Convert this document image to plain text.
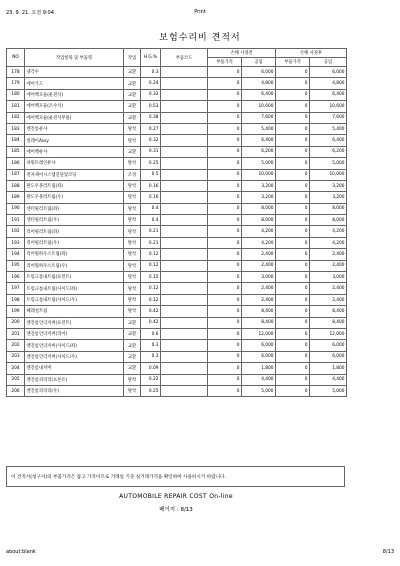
23. 9. 21. 오전 9:04	Print
보험수리비 견적서
NO	작업항목 및 부품명	작업	H.G.%	부품코드	손해 사정전		손해 사정후	
					부품가격	공임	부품가격	공임
178	냉각수	교환	0.3		0	6,000	0	6,000
179	에어가드	교환	0.24		0	4,800	0	4,800
180	에어백모듈(운전석)	교환	0.32		0	6,400	0	6,400
181	에어백모듈(조수석)	교환	0.53		0	10,600	0	10,600
182	에어백모듈(운전석무릎)	교환	0.38		0	7,600	0	7,600
183	엔진룸퓨샤	탈착	0.27		0	5,400	0	5,400
184	릴레이Assy	탈착	0.32		0	6,400	0	6,400
185	에어백퓨샤	교환	0.31		0	6,200	0	6,200
186	파워트레인퓨샤	탈착	0.25		0	5,000	0	5,000
187	전자제어시스템진단및코딩	조정	0.5		0	10,000	0	10,000
188	판도우몰러트림(좌)	탈착	0.16		0	3,200	0	3,200
189	판도우몰러트림(우)	탈착	0.16		0	3,200	0	3,200
190	센터필러트림(좌)	탈착	0.4		0	8,000	0	8,000
191	센터필러트림(우)	탈착	0.4		0	8,000	0	8,000
192	리어필러트림(좌)	탈착	0.21		0	4,200	0	4,200
193	리어필러트림(우)	탈착	0.21		0	4,200	0	4,200
194	리어휠하우스트림(좌)	탈착	0.12		0	2,400	0	2,400
195	리어휠하우스트림(우)	탈착	0.12		0	2,400	0	2,400
196	트렁크룸내트림(프런트)	탈착	0.15		0	3,000	0	3,000
197	트렁크룸내트림(사이드/좌)	탈착	0.12		0	2,400	0	2,400
198	트렁크룸내트림(사이드/우)	탈착	0.12		0	2,400	0	2,400
199	헤레설트림	탈착	0.42		0	8,400	0	8,400
200	엔진룸언더커버(프런트)	교환	0.42		0	8,400	0	8,400
201	엔진룸언더커버(리어)	교환	0.6		0	12,000	0	12,000
202	엔진룸언더커버(사이드/좌)	교환	0.3		0	6,000	0	6,000
203	엔진룸언더커버(사이드/우)	교환	0.3		0	6,000	0	6,000
204	엔진룸내커버	교환	0.09		0	1,800	0	1,800
205	엔진룸퍼리리(프론트)	탈착	0.22		0	4,400	0	4,400
206	엔진룸퍼리리(우)	탈착	0.25		0	5,000	0	5,000
이 견적서(청구서)의 부품가격은 참고 가격이므로 거래일 기준 실거래가격을 확인하여 사용하시기 바랍니다.
AUTOMOBILE REPAIR COST On-line
페이지 : 8/13
about:blank	8/13
